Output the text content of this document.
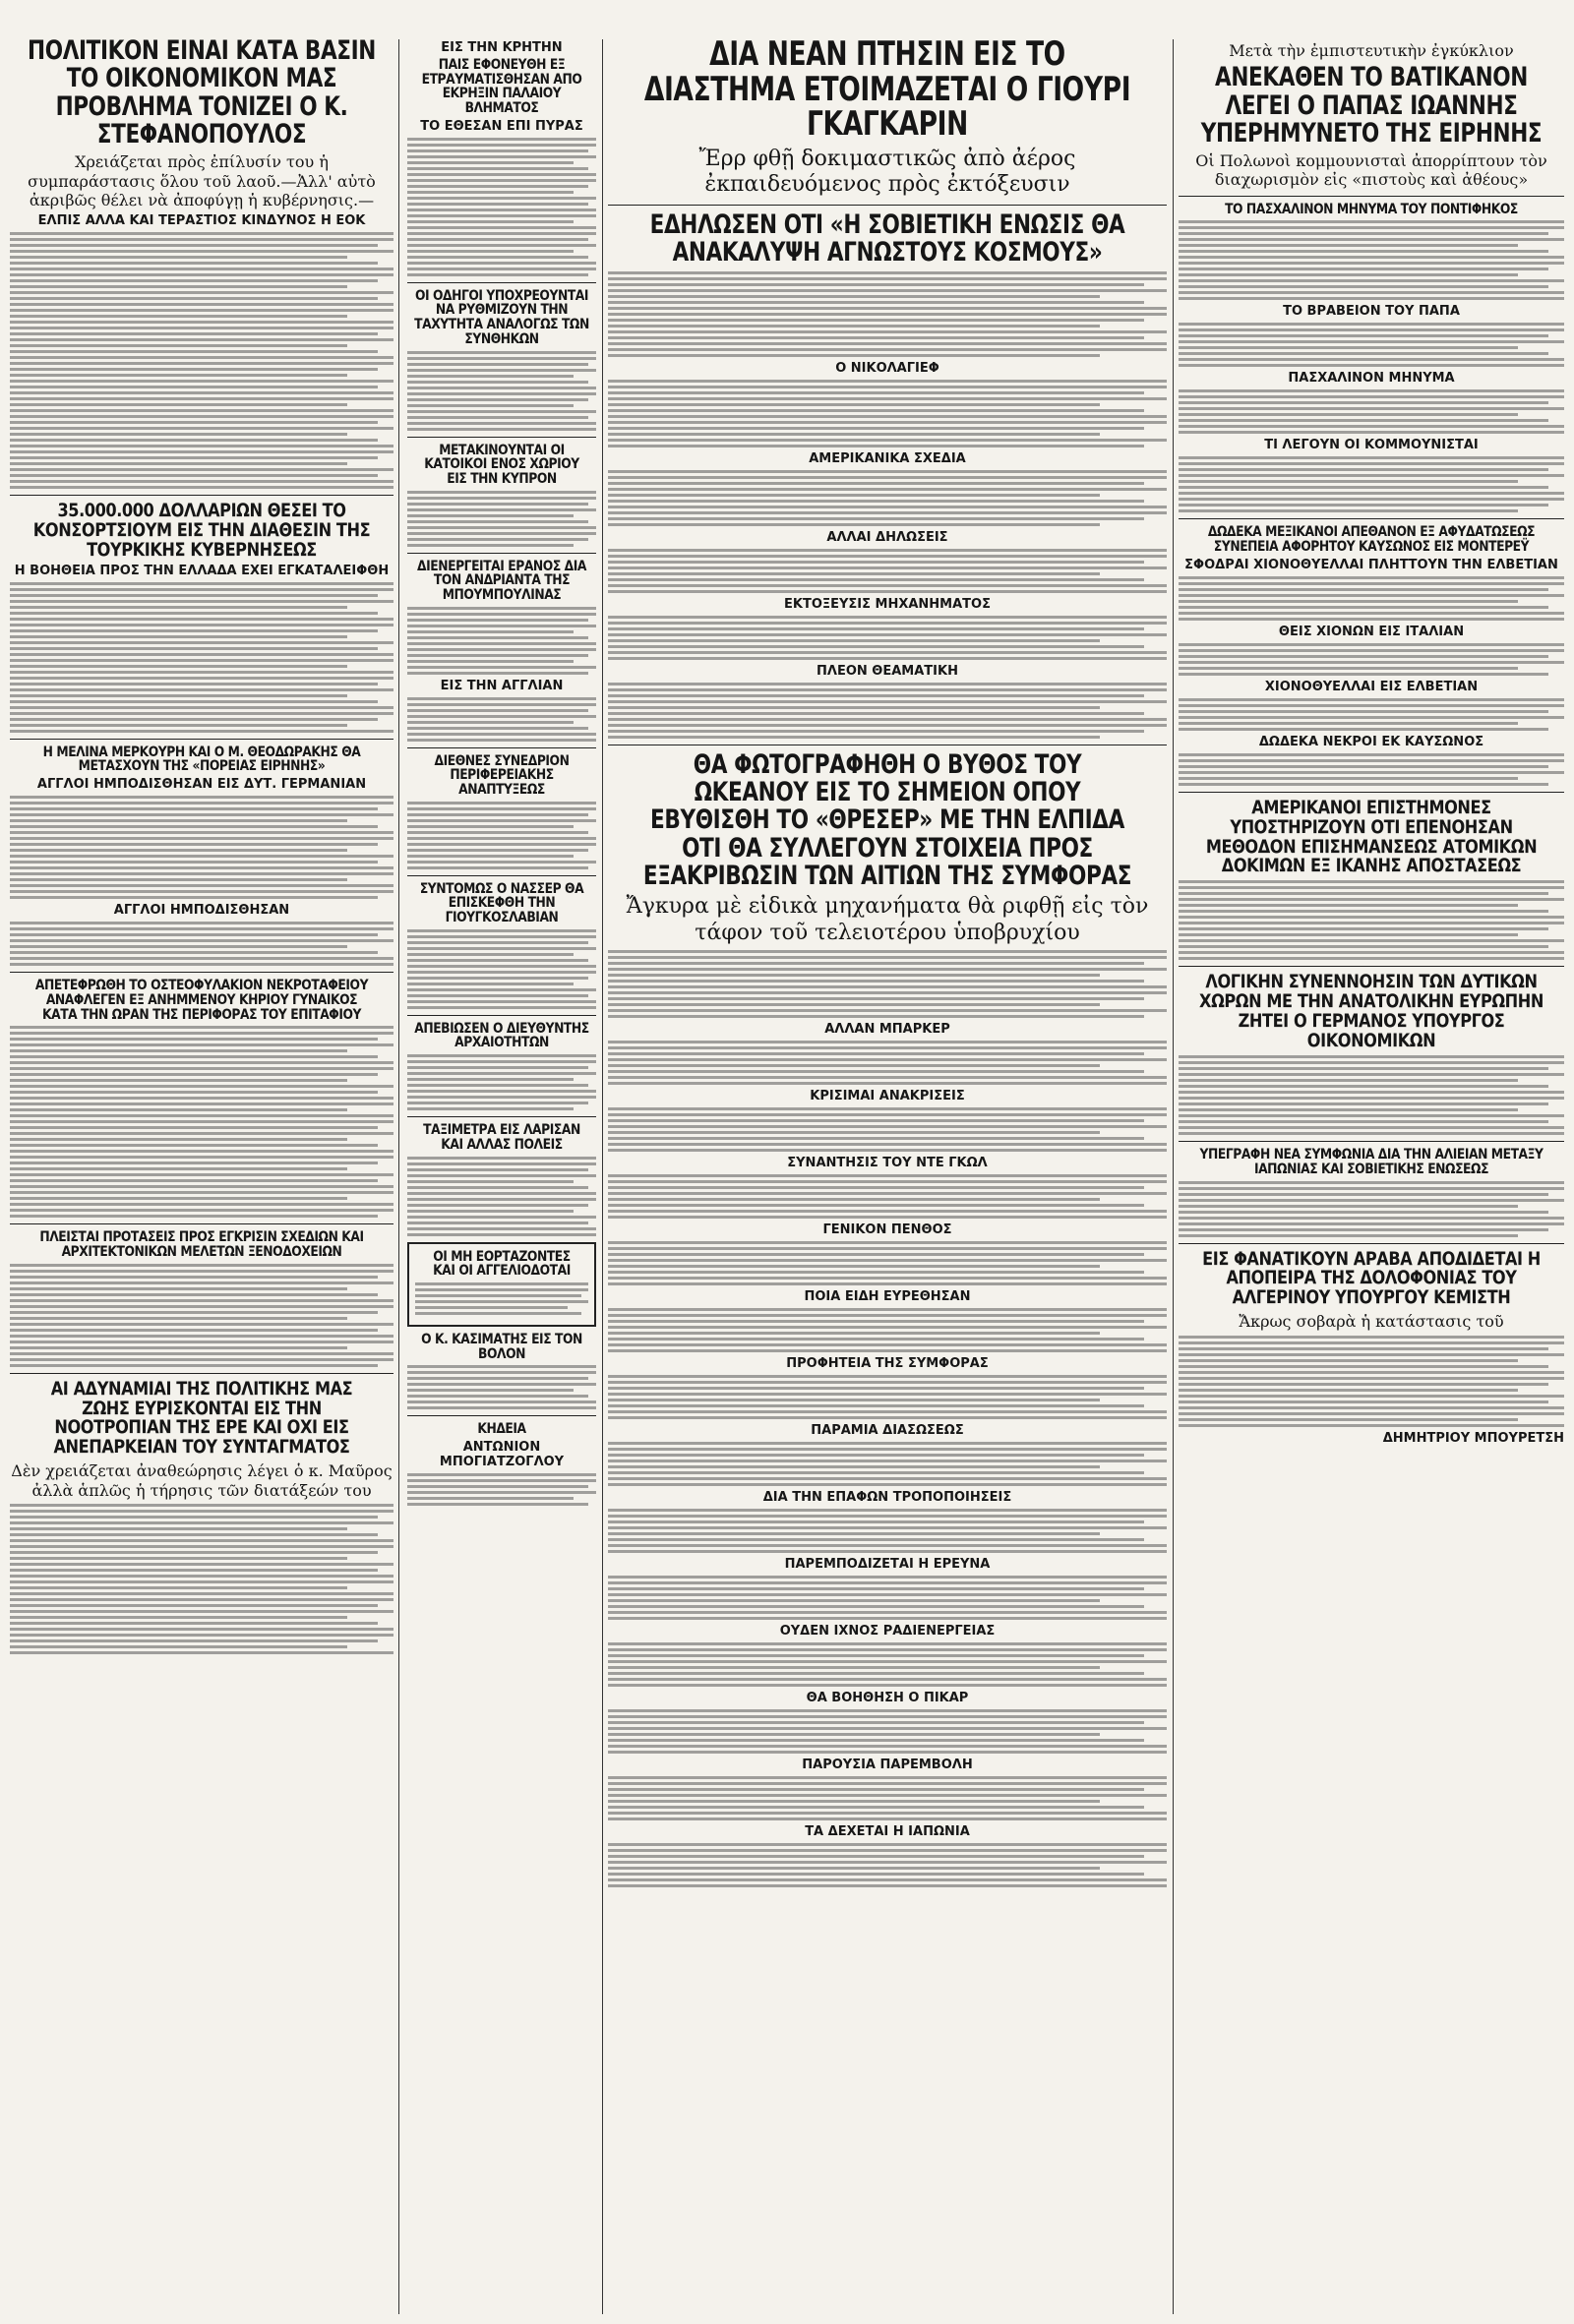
ΠΟΛΙΤΙΚΟΝ ΕΙΝΑΙ ΚΑΤΑ ΒΑΣΙΝ ΤΟ ΟΙΚΟΝΟΜΙΚΟΝ ΜΑΣ ΠΡΟΒΛΗΜΑ ΤΟΝΙΖΕΙ Ο Κ. ΣΤΕΦΑΝΟΠΟΥΛΟΣ
Χρειάζεται πρὸς ἐπίλυσίν του ἡ συμπαράστασις ὅλου τοῦ λαοῦ.—Ἀλλ' αὐτὸ ἀκριβῶς θέλει νὰ ἀποφύγῃ ἡ κυβέρνησις.—
ΕΛΠΙΣ ΑΛΛΑ ΚΑΙ ΤΕΡΑΣΤΙΟΣ ΚΙΝΔΥΝΟΣ Η ΕΟΚ
35.000.000 ΔΟΛΛΑΡΙΩΝ ΘΕΣΕΙ ΤΟ ΚΟΝΣΟΡΤΣΙΟΥΜ ΕΙΣ ΤΗΝ ΔΙΑΘΕΣΙΝ ΤΗΣ ΤΟΥΡΚΙΚΗΣ ΚΥΒΕΡΝΗΣΕΩΣ
Η ΒΟΗΘΕΙΑ ΠΡΟΣ ΤΗΝ ΕΛΛΑΔΑ ΕΧΕΙ ΕΓΚΑΤΑΛΕΙΦΘΗ
Η ΜΕΛΙΝΑ ΜΕΡΚΟΥΡΗ ΚΑΙ Ο Μ. ΘΕΟΔΩΡΑΚΗΣ ΘΑ ΜΕΤΑΣΧΟΥΝ ΤΗΣ «ΠΟΡΕΙΑΣ ΕΙΡΗΝΗΣ»
ΑΓΓΛΟΙ ΗΜΠΟΔΙΣΘΗΣΑΝ ΕΙΣ ΔΥΤ. ΓΕΡΜΑΝΙΑΝ
ΑΓΓΛΟΙ ΗΜΠΟΔΙΣΘΗΣΑΝ
ΑΠΕΤΕΦΡΩΘΗ ΤΟ ΟΣΤΕΟΦΥΛΑΚΙΟΝ ΝΕΚΡΟΤΑΦΕΙΟΥ ΑΝΑΦΛΕΓΕΝ ΕΞ ΑΝΗΜΜΕΝΟΥ ΚΗΡΙΟΥ ΓΥΝΑΙΚΟΣ ΚΑΤΑ ΤΗΝ ΩΡΑΝ ΤΗΣ ΠΕΡΙΦΟΡΑΣ ΤΟΥ ΕΠΙΤΑΦΙΟΥ
ΠΛΕΙΣΤΑΙ ΠΡΟΤΑΣΕΙΣ ΠΡΟΣ ΕΓΚΡΙΣΙΝ ΣΧΕΔΙΩΝ ΚΑΙ ΑΡΧΙΤΕΚΤΟΝΙΚΩΝ ΜΕΛΕΤΩΝ ΞΕΝΟΔΟΧΕΙΩΝ
ΑΙ ΑΔΥΝΑΜΙΑΙ ΤΗΣ ΠΟΛΙΤΙΚΗΣ ΜΑΣ ΖΩΗΣ ΕΥΡΙΣΚΟΝΤΑΙ ΕΙΣ ΤΗΝ ΝΟΟΤΡΟΠΙΑΝ ΤΗΣ ΕΡΕ ΚΑΙ ΟΧΙ ΕΙΣ ΑΝΕΠΑΡΚΕΙΑΝ ΤΟΥ ΣΥΝΤΑΓΜΑΤΟΣ
Δὲν χρειάζεται ἀναθεώρησις λέγει ὁ κ. Μαῦρος ἀλλὰ ἁπλῶς ἡ τήρησις τῶν διατάξεών του
ΕΙΣ ΤΗΝ ΚΡΗΤΗΝ
ΠΑΙΣ ΕΦΟΝΕΥΘΗ ΕΞ ΕΤΡΑΥΜΑΤΙΣΘΗΣΑΝ ΑΠΟ ΕΚΡΗΞΙΝ ΠΑΛΑΙΟΥ ΒΛΗΜΑΤΟΣ
ΤΟ ΕΘΕΣΑΝ ΕΠΙ ΠΥΡΑΣ
ΟΙ ΟΔΗΓΟΙ ΥΠΟΧΡΕΟΥΝΤΑΙ ΝΑ ΡΥΘΜΙΖΟΥΝ ΤΗΝ ΤΑΧΥΤΗΤΑ ΑΝΑΛΟΓΩΣ ΤΩΝ ΣΥΝΘΗΚΩΝ
ΜΕΤΑΚΙΝΟΥΝΤΑΙ ΟΙ ΚΑΤΟΙΚΟΙ ΕΝΟΣ ΧΩΡΙΟΥ ΕΙΣ ΤΗΝ ΚΥΠΡΟΝ
ΔΙΕΝΕΡΓΕΙΤΑΙ ΕΡΑΝΟΣ ΔΙΑ ΤΟΝ ΑΝΔΡΙΑΝΤΑ ΤΗΣ ΜΠΟΥΜΠΟΥΛΙΝΑΣ
ΕΙΣ ΤΗΝ ΑΓΓΛΙΑΝ
ΔΙΕΘΝΕΣ ΣΥΝΕΔΡΙΟΝ ΠΕΡΙΦΕΡΕΙΑΚΗΣ ΑΝΑΠΤΥΞΕΩΣ
ΣΥΝΤΟΜΩΣ Ο ΝΑΣΣΕΡ ΘΑ ΕΠΙΣΚΕΦΘΗ ΤΗΝ ΓΙΟΥΓΚΟΣΛΑΒΙΑΝ
ΑΠΕΒΙΩΣΕΝ Ο ΔΙΕΥΘΥΝΤΗΣ ΑΡΧΑΙΟΤΗΤΩΝ
ΤΑΞΙΜΕΤΡΑ ΕΙΣ ΛΑΡΙΣΑΝ ΚΑΙ ΑΛΛΑΣ ΠΟΛΕΙΣ
ΟΙ ΜΗ ΕΟΡΤΑΖΟΝΤΕΣ ΚΑΙ ΟΙ ΑΓΓΕΛΙΟΔΟΤΑΙ
Ο Κ. ΚΑΣΙΜΑΤΗΣ ΕΙΣ ΤΟΝ ΒΟΛΟΝ
ΚΗΔΕΙΑ
ΑΝΤΩΝΙΟΝ ΜΠΟΓΙΑΤΖΟΓΛΟΥ
ΔΙΑ ΝΕΑΝ ΠΤΗΣΙΝ ΕΙΣ ΤΟ ΔΙΑΣΤΗΜΑ ΕΤΟΙΜΑΖΕΤΑΙ Ο ΓΙΟΥΡΙ ΓΚΑΓΚΑΡΙΝ
Ἔρρ φθῇ δοκιμαστικῶς ἀπὸ ἀέρος ἐκπαιδευόμενος πρὸς ἐκτόξευσιν
ΕΔΗΛΩΣΕΝ ΟΤΙ «Η ΣΟΒΙΕΤΙΚΗ ΕΝΩΣΙΣ ΘΑ ΑΝΑΚΑΛΥΨΗ ΑΓΝΩΣΤΟΥΣ ΚΟΣΜΟΥΣ»
Ο ΝΙΚΟΛΑΓΙΕΦ
ΑΜΕΡΙΚΑΝΙΚΑ ΣΧΕΔΙΑ
ΑΛΛΑΙ ΔΗΛΩΣΕΙΣ
ΕΚΤΟΞΕΥΣΙΣ ΜΗΧΑΝΗΜΑΤΟΣ
ΠΛΕΟΝ ΘΕΑΜΑΤΙΚΗ
ΘΑ ΦΩΤΟΓΡΑΦΗΘΗ Ο ΒΥΘΟΣ ΤΟΥ ΩΚΕΑΝΟΥ ΕΙΣ ΤΟ ΣΗΜΕΙΟΝ ΟΠΟΥ ΕΒΥΘΙΣΘΗ ΤΟ «ΘΡΕΣΕΡ» ΜΕ ΤΗΝ ΕΛΠΙΔΑ ΟΤΙ ΘΑ ΣΥΛΛΕΓΟΥΝ ΣΤΟΙΧΕΙΑ ΠΡΟΣ ΕΞΑΚΡΙΒΩΣΙΝ ΤΩΝ ΑΙΤΙΩΝ ΤΗΣ ΣΥΜΦΟΡΑΣ
Ἄγκυρα μὲ εἰδικὰ μηχανήματα θὰ ριφθῇ εἰς τὸν τάφον τοῦ τελειοτέρου ὑποβρυχίου
ΑΛΛΑΝ ΜΠΑΡΚΕΡ
ΚΡΙΣΙΜΑΙ ΑΝΑΚΡΙΣΕΙΣ
ΣΥΝΑΝΤΗΣΙΣ ΤΟΥ ΝΤΕ ΓΚΩΛ
ΓΕΝΙΚΟΝ ΠΕΝΘΟΣ
ΠΟΙΑ ΕΙΔΗ ΕΥΡΕΘΗΣΑΝ
ΠΡΟΦΗΤΕΙΑ ΤΗΣ ΣΥΜΦΟΡΑΣ
ΠΑΡΑΜΙΑ ΔΙΑΣΩΣΕΩΣ
ΔΙΑ ΤΗΝ ΕΠΑΦΩΝ ΤΡΟΠΟΠΟΙΗΣΕΙΣ
ΠΑΡΕΜΠΟΔΙΖΕΤΑΙ Η ΕΡΕΥΝΑ
ΟΥΔΕΝ ΙΧΝΟΣ ΡΑΔΙΕΝΕΡΓΕΙΑΣ
ΘΑ ΒΟΗΘΗΣΗ Ο ΠΙΚΑΡ
ΠΑΡΟΥΣΙΑ ΠΑΡΕΜΒΟΛΗ
ΤΑ ΔΕΧΕΤΑΙ Η ΙΑΠΩΝΙΑ
Μετὰ τὴν ἐμπιστευτικὴν ἐγκύκλιον
ΑΝΕΚΑΘΕΝ ΤΟ ΒΑΤΙΚΑΝΟΝ ΛΕΓΕΙ Ο ΠΑΠΑΣ ΙΩΑΝΝΗΣ ΥΠΕΡΗΜΥΝΕΤΟ ΤΗΣ ΕΙΡΗΝΗΣ
Οἱ Πολωνοὶ κομμουνισταὶ ἀπορρίπτουν τὸν διαχωρισμὸν εἰς «πιστοὺς καὶ ἀθέους»
ΤΟ ΠΑΣΧΑΛΙΝΟΝ ΜΗΝΥΜΑ ΤΟΥ ΠΟΝΤΙΦΗΚΟΣ
ΤΟ ΒΡΑΒΕΙΟΝ ΤΟΥ ΠΑΠΑ
ΠΑΣΧΑΛΙΝΟΝ ΜΗΝΥΜΑ
ΤΙ ΛΕΓΟΥΝ ΟΙ ΚΟΜΜΟΥΝΙΣΤΑΙ
ΔΩΔΕΚΑ ΜΕΞΙΚΑΝΟΙ ΑΠΕΘΑΝΟΝ ΕΞ ΑΦΥΔΑΤΩΣΕΩΣ ΣΥΝΕΠΕΙΑ ΑΦΟΡΗΤΟΥ ΚΑΥΣΩΝΟΣ ΕΙΣ ΜΟΝΤΕΡΕΫ
ΣΦΟΔΡΑΙ ΧΙΟΝΟΘΥΕΛΛΑΙ ΠΛΗΤΤΟΥΝ ΤΗΝ ΕΛΒΕΤΙΑΝ
ΘΕΙΣ ΧΙΟΝΩΝ ΕΙΣ ΙΤΑΛΙΑΝ
ΧΙΟΝΟΘΥΕΛΛΑΙ ΕΙΣ ΕΛΒΕΤΙΑΝ
ΔΩΔΕΚΑ ΝΕΚΡΟΙ ΕΚ ΚΑΥΣΩΝΟΣ
ΑΜΕΡΙΚΑΝΟΙ ΕΠΙΣΤΗΜΟΝΕΣ ΥΠΟΣΤΗΡΙΖΟΥΝ ΟΤΙ ΕΠΕΝΟΗΣΑΝ ΜΕΘΟΔΟΝ ΕΠΙΣΗΜΑΝΣΕΩΣ ΑΤΟΜΙΚΩΝ ΔΟΚΙΜΩΝ ΕΞ ΙΚΑΝΗΣ ΑΠΟΣΤΑΣΕΩΣ
ΛΟΓΙΚΗΝ ΣΥΝΕΝΝΟΗΣΙΝ ΤΩΝ ΔΥΤΙΚΩΝ ΧΩΡΩΝ ΜΕ ΤΗΝ ΑΝΑΤΟΛΙΚΗΝ ΕΥΡΩΠΗΝ ΖΗΤΕΙ Ο ΓΕΡΜΑΝΟΣ ΥΠΟΥΡΓΟΣ ΟΙΚΟΝΟΜΙΚΩΝ
ΥΠΕΓΡΑΦΗ ΝΕΑ ΣΥΜΦΩΝΙΑ ΔΙΑ ΤΗΝ ΑΛΙΕΙΑΝ ΜΕΤΑΞΥ ΙΑΠΩΝΙΑΣ ΚΑΙ ΣΟΒΙΕΤΙΚΗΣ ΕΝΩΣΕΩΣ
ΕΙΣ ΦΑΝΑΤΙΚΟΥΝ ΑΡΑΒΑ ΑΠΟΔΙΔΕΤΑΙ Η ΑΠΟΠΕΙΡΑ ΤΗΣ ΔΟΛΟΦΟΝΙΑΣ ΤΟΥ ΑΛΓΕΡΙΝΟΥ ΥΠΟΥΡΓΟΥ ΚΕΜΙΣΤΗ
Ἄκρως σοβαρὰ ἡ κατάστασις τοῦ
ΔΗΜΗΤΡΙΟΥ ΜΠΟΥΡΕΤΣΗ
